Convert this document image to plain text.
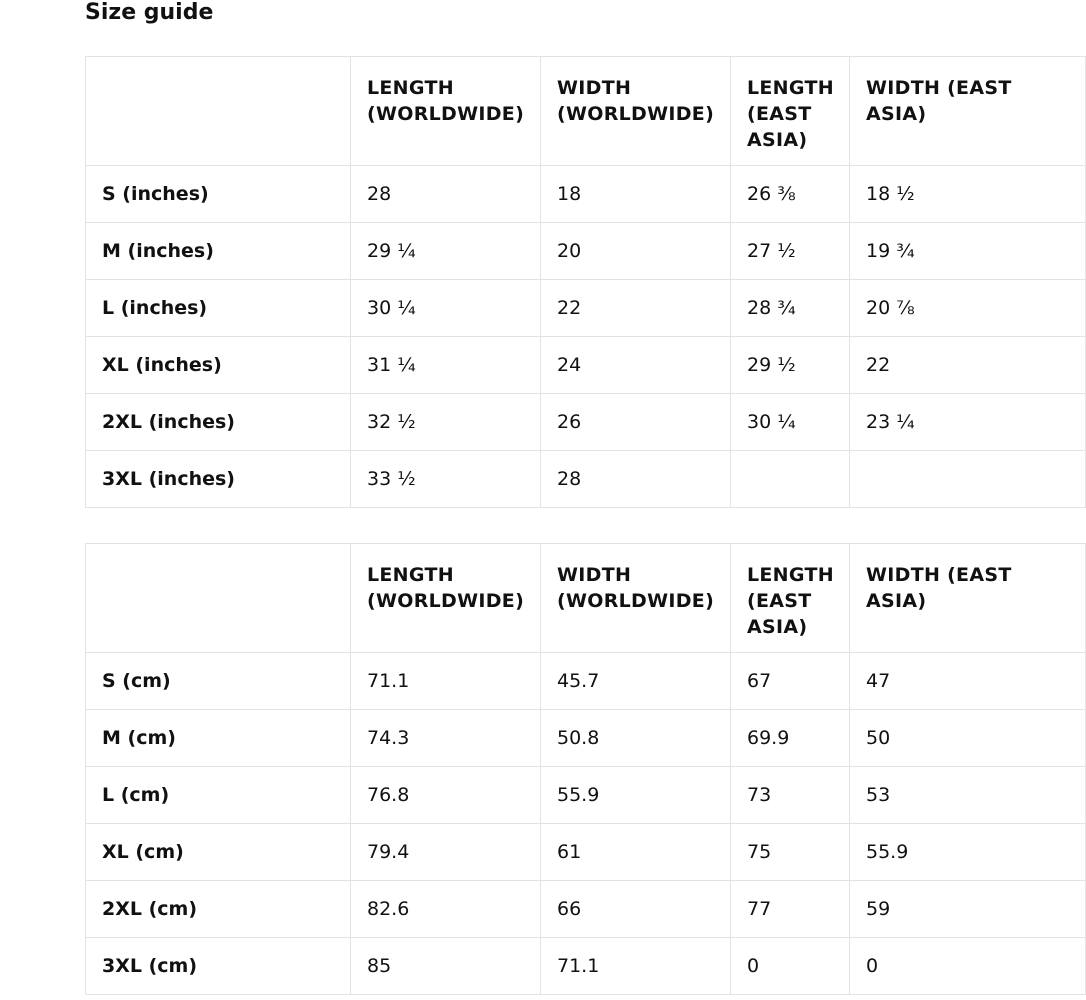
Size guide
	LENGTH (WORLDWIDE)	WIDTH (WORLDWIDE)	LENGTH (EAST ASIA)	WIDTH (EAST ASIA)
S (inches)	28	18	26 ⅜	18 ½
M (inches)	29 ¼	20	27 ½	19 ¾
L (inches)	30 ¼	22	28 ¾	20 ⅞
XL (inches)	31 ¼	24	29 ½	22
2XL (inches)	32 ½	26	30 ¼	23 ¼
3XL (inches)	33 ½	28		
	LENGTH (WORLDWIDE)	WIDTH (WORLDWIDE)	LENGTH (EAST ASIA)	WIDTH (EAST ASIA)
S (cm)	71.1	45.7	67	47
M (cm)	74.3	50.8	69.9	50
L (cm)	76.8	55.9	73	53
XL (cm)	79.4	61	75	55.9
2XL (cm)	82.6	66	77	59
3XL (cm)	85	71.1	0	0
